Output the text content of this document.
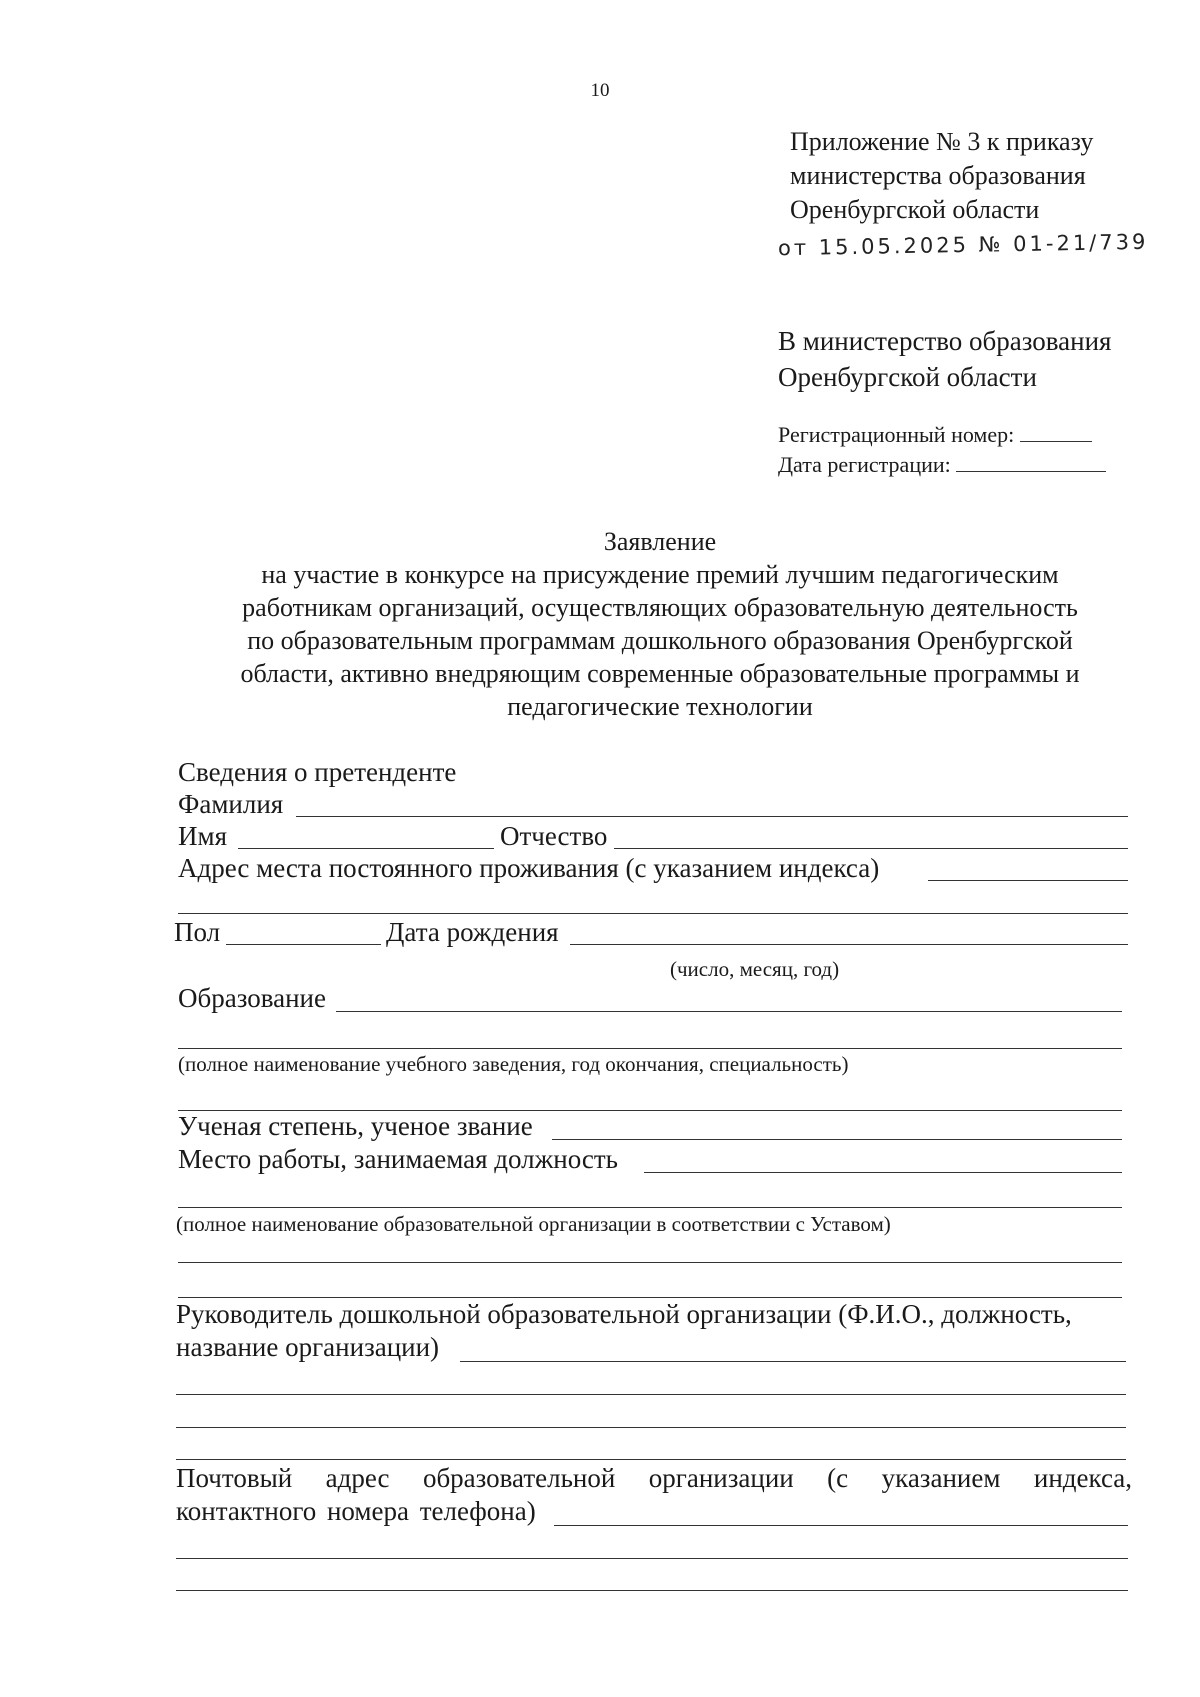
10
Приложение № 3 к приказу
министерства образования
Оренбургской области
от 15.05.2025 № 01-21/739
В министерство образования
Оренбургской области
Регистрационный номер:
Дата регистрации:
Заявление
на участие в конкурсе на присуждение премий лучшим педагогическим
работникам организаций, осуществляющих образовательную деятельность
по образовательным программам дошкольного образования Оренбургской
области, активно внедряющим современные образовательные программы и
педагогические технологии
Сведения о претенденте
Фамилия
Имя	Отчество
Адрес места постоянного проживания (с указанием индекса)
Пол	Дата рождения
(число, месяц, год)
Образование
(полное наименование учебного заведения, год окончания, специальность)
Ученая степень, ученое звание
Место работы, занимаемая должность
(полное наименование образовательной организации в соответствии с Уставом)
Руководитель дошкольной образовательной организации (Ф.И.О., должность,
название организации)
Почтовый адрес образовательной организации (с указанием индекса,
контактного номера телефона)
